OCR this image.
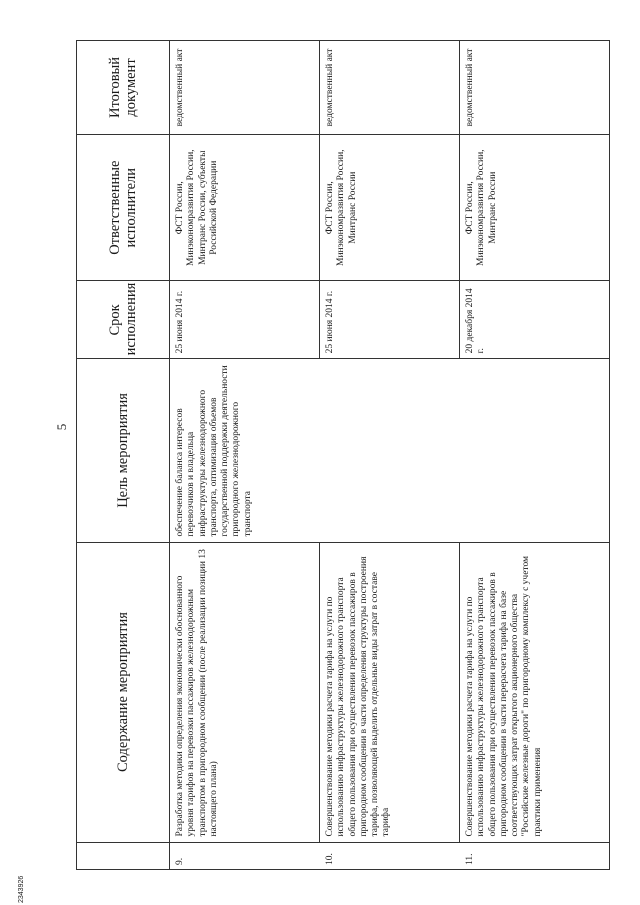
5
	Содержание мероприятия	Цель мероприятия	Срок исполнения	Ответственные исполнители	Итоговый документ
9.	Разработка методики определения экономически обоснованного уровня тарифов на перевозки пассажиров железнодорожным транспортом в пригородном сообщении (после реализации позиции 13 настоящего плана)	обеспечение баланса интересов перевозчиков и владельца инфраструктуры железнодорожного транспорта, оптимизация объемов государственной поддержки деятельности пригородного железнодорожного транспорта	25 июня 2014 г.	ФСТ России, Минэкономразвития России, Минтранс России, субъекты Российской Федерации	ведомственный акт
10.	Совершенствование методики расчета тарифа на услуги по использованию инфраструктуры железнодорожного транспорта общего пользования при осуществлении перевозок пассажиров в пригородном сообщении в части определения структуры построения тарифа, позволяющей выделить отдельные виды затрат в составе тарифа		25 июня 2014 г.	ФСТ России, Минэкономразвития России, Минтранс России	ведомственный акт
11.	Совершенствование методики расчета тарифа на услуги по использованию инфраструктуры железнодорожного транспорта общего пользования при осуществлении перевозок пассажиров в пригородном сообщении в части перерасчета тарифа на базе соответствующих затрат открытого акционерного общества "Российские железные дороги" по пригородному комплексу с учетом практики применения		20 декабря 2014 г.	ФСТ России, Минэкономразвития России, Минтранс России	ведомственный акт
2343926
